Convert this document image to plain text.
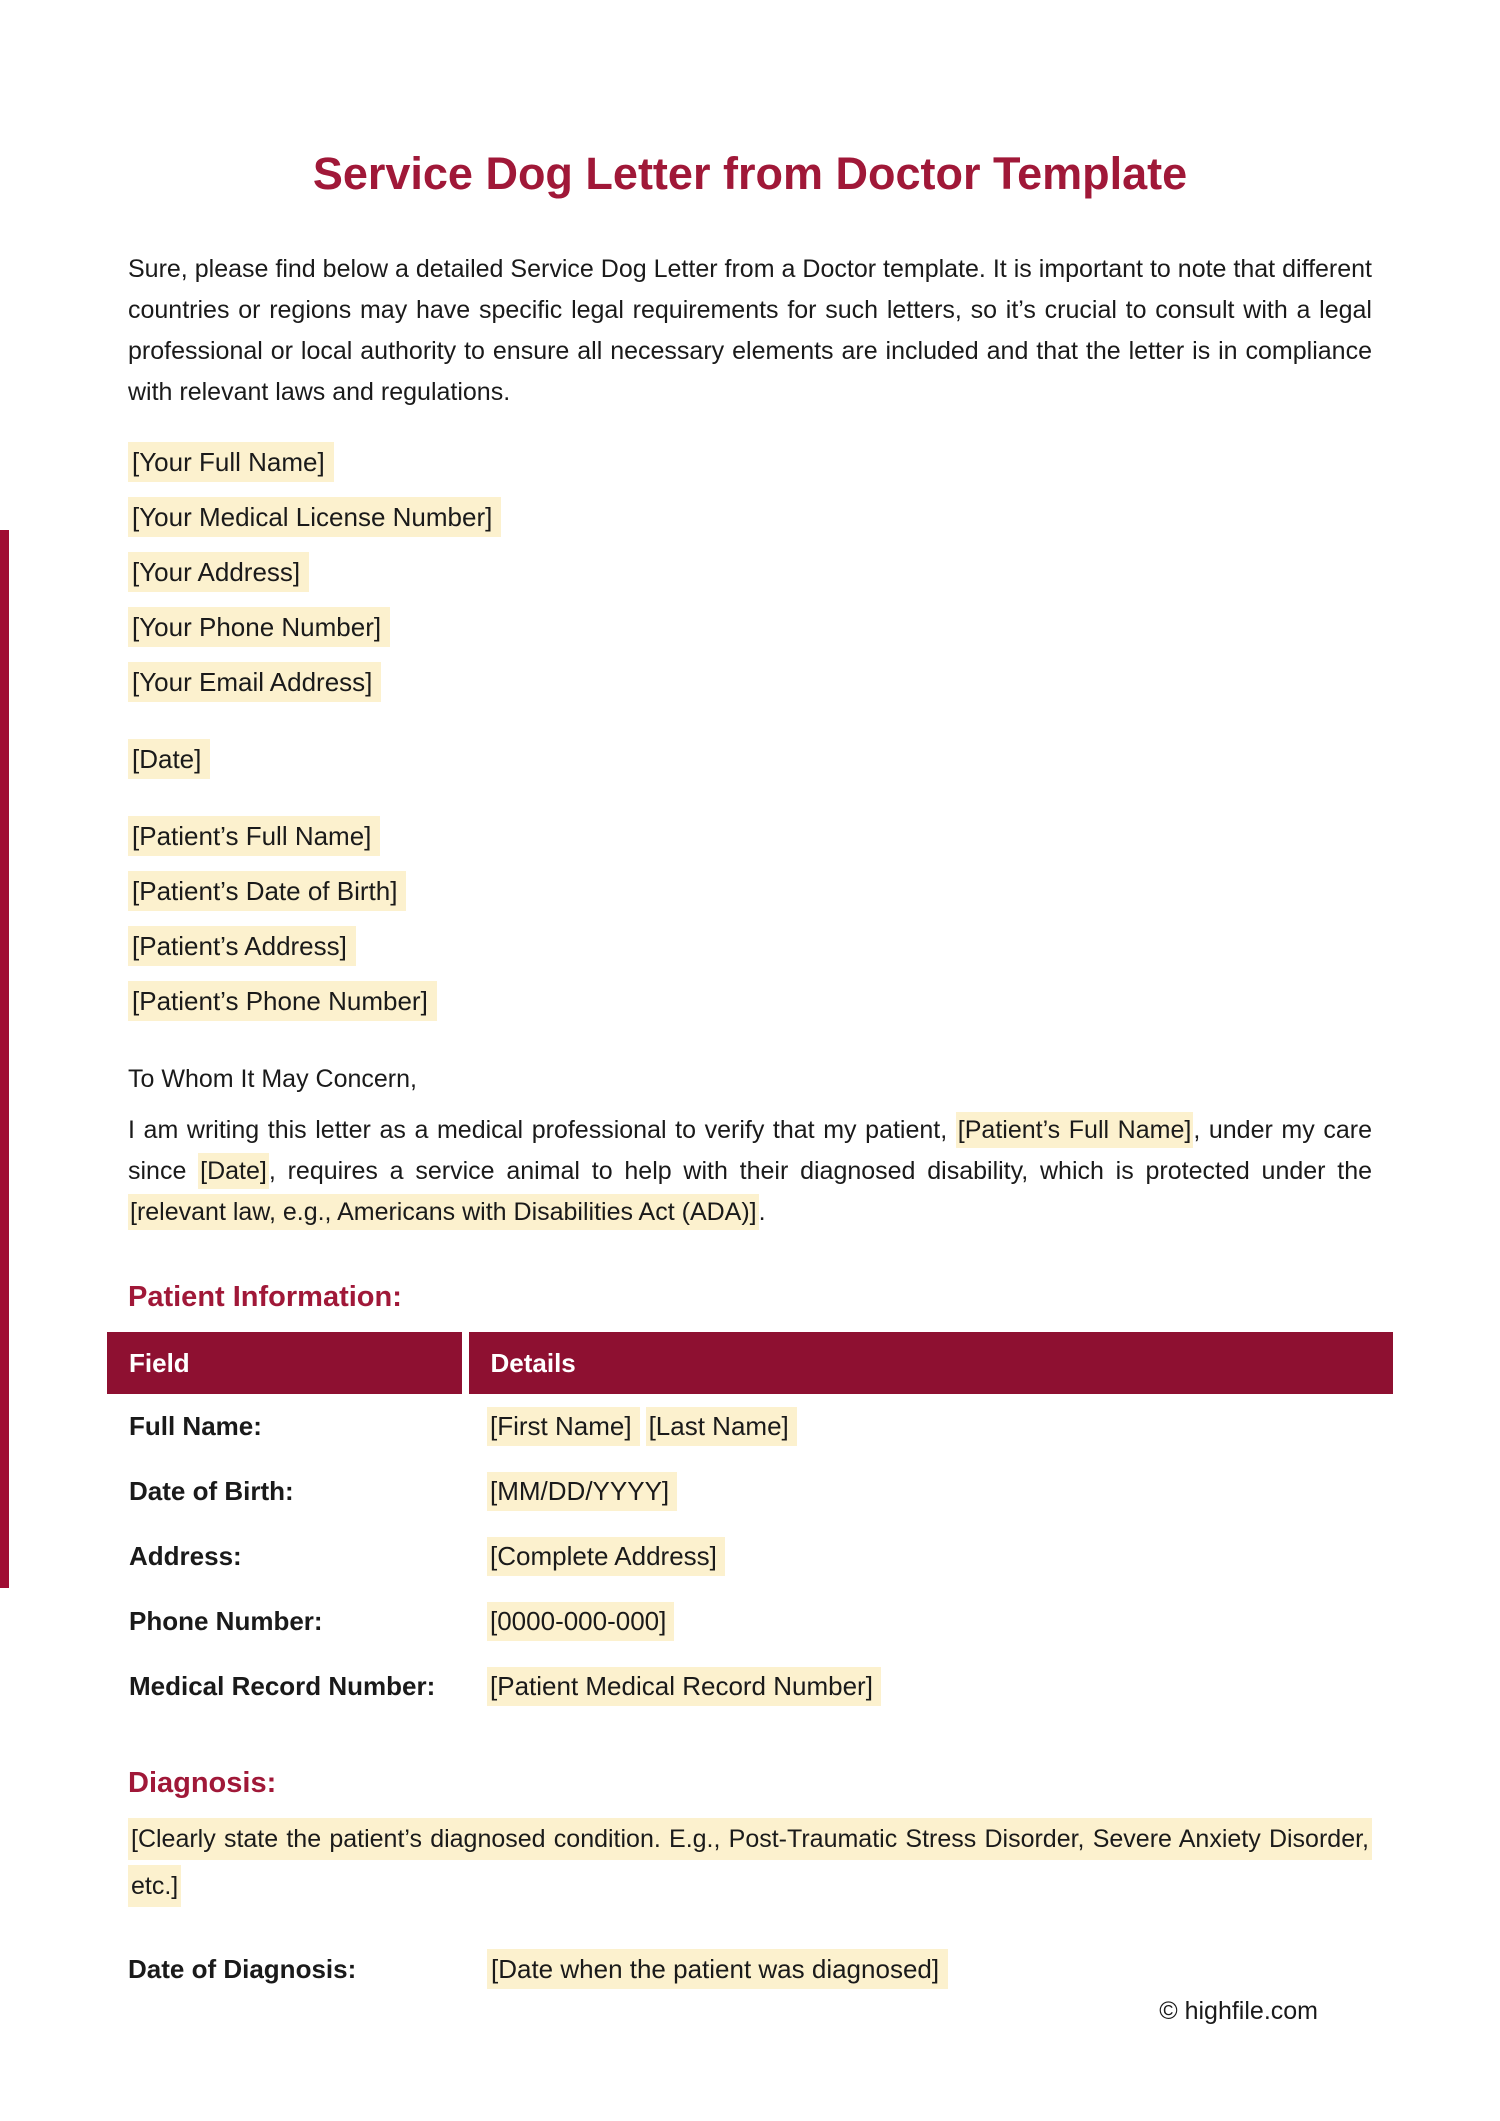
Service Dog Letter from Doctor Template

Sure, please find below a detailed Service Dog Letter from a Doctor template. It is important to note that different countries or regions may have specific legal requirements for such letters, so it’s crucial to consult with a legal professional or local authority to ensure all necessary elements are included and that the letter is in compliance with relevant laws and regulations.

[Your Full Name]
[Your Medical License Number]
[Your Address]
[Your Phone Number]
[Your Email Address]
[Date]
[Patient’s Full Name]
[Patient’s Date of Birth]
[Patient’s Address]
[Patient’s Phone Number]

To Whom It May Concern,

I am writing this letter as a medical professional to verify that my patient, [Patient’s Full Name], under my care since [Date], requires a service animal to help with their diagnosed disability, which is protected under the [relevant law, e.g., Americans with Disabilities Act (ADA)].

Patient Information:
Field	Details
Full Name:	[First Name] [Last Name]
Date of Birth:	[MM/DD/YYYY]
Address:	[Complete Address]
Phone Number:	[0000-000-000]
Medical Record Number:	[Patient Medical Record Number]
Diagnosis:

[Clearly state the patient’s diagnosed condition. E.g., Post-Traumatic Stress Disorder, Severe Anxiety Disorder, etc.]

Date of Diagnosis:	[Date when the patient was diagnosed]
© highfile.com
